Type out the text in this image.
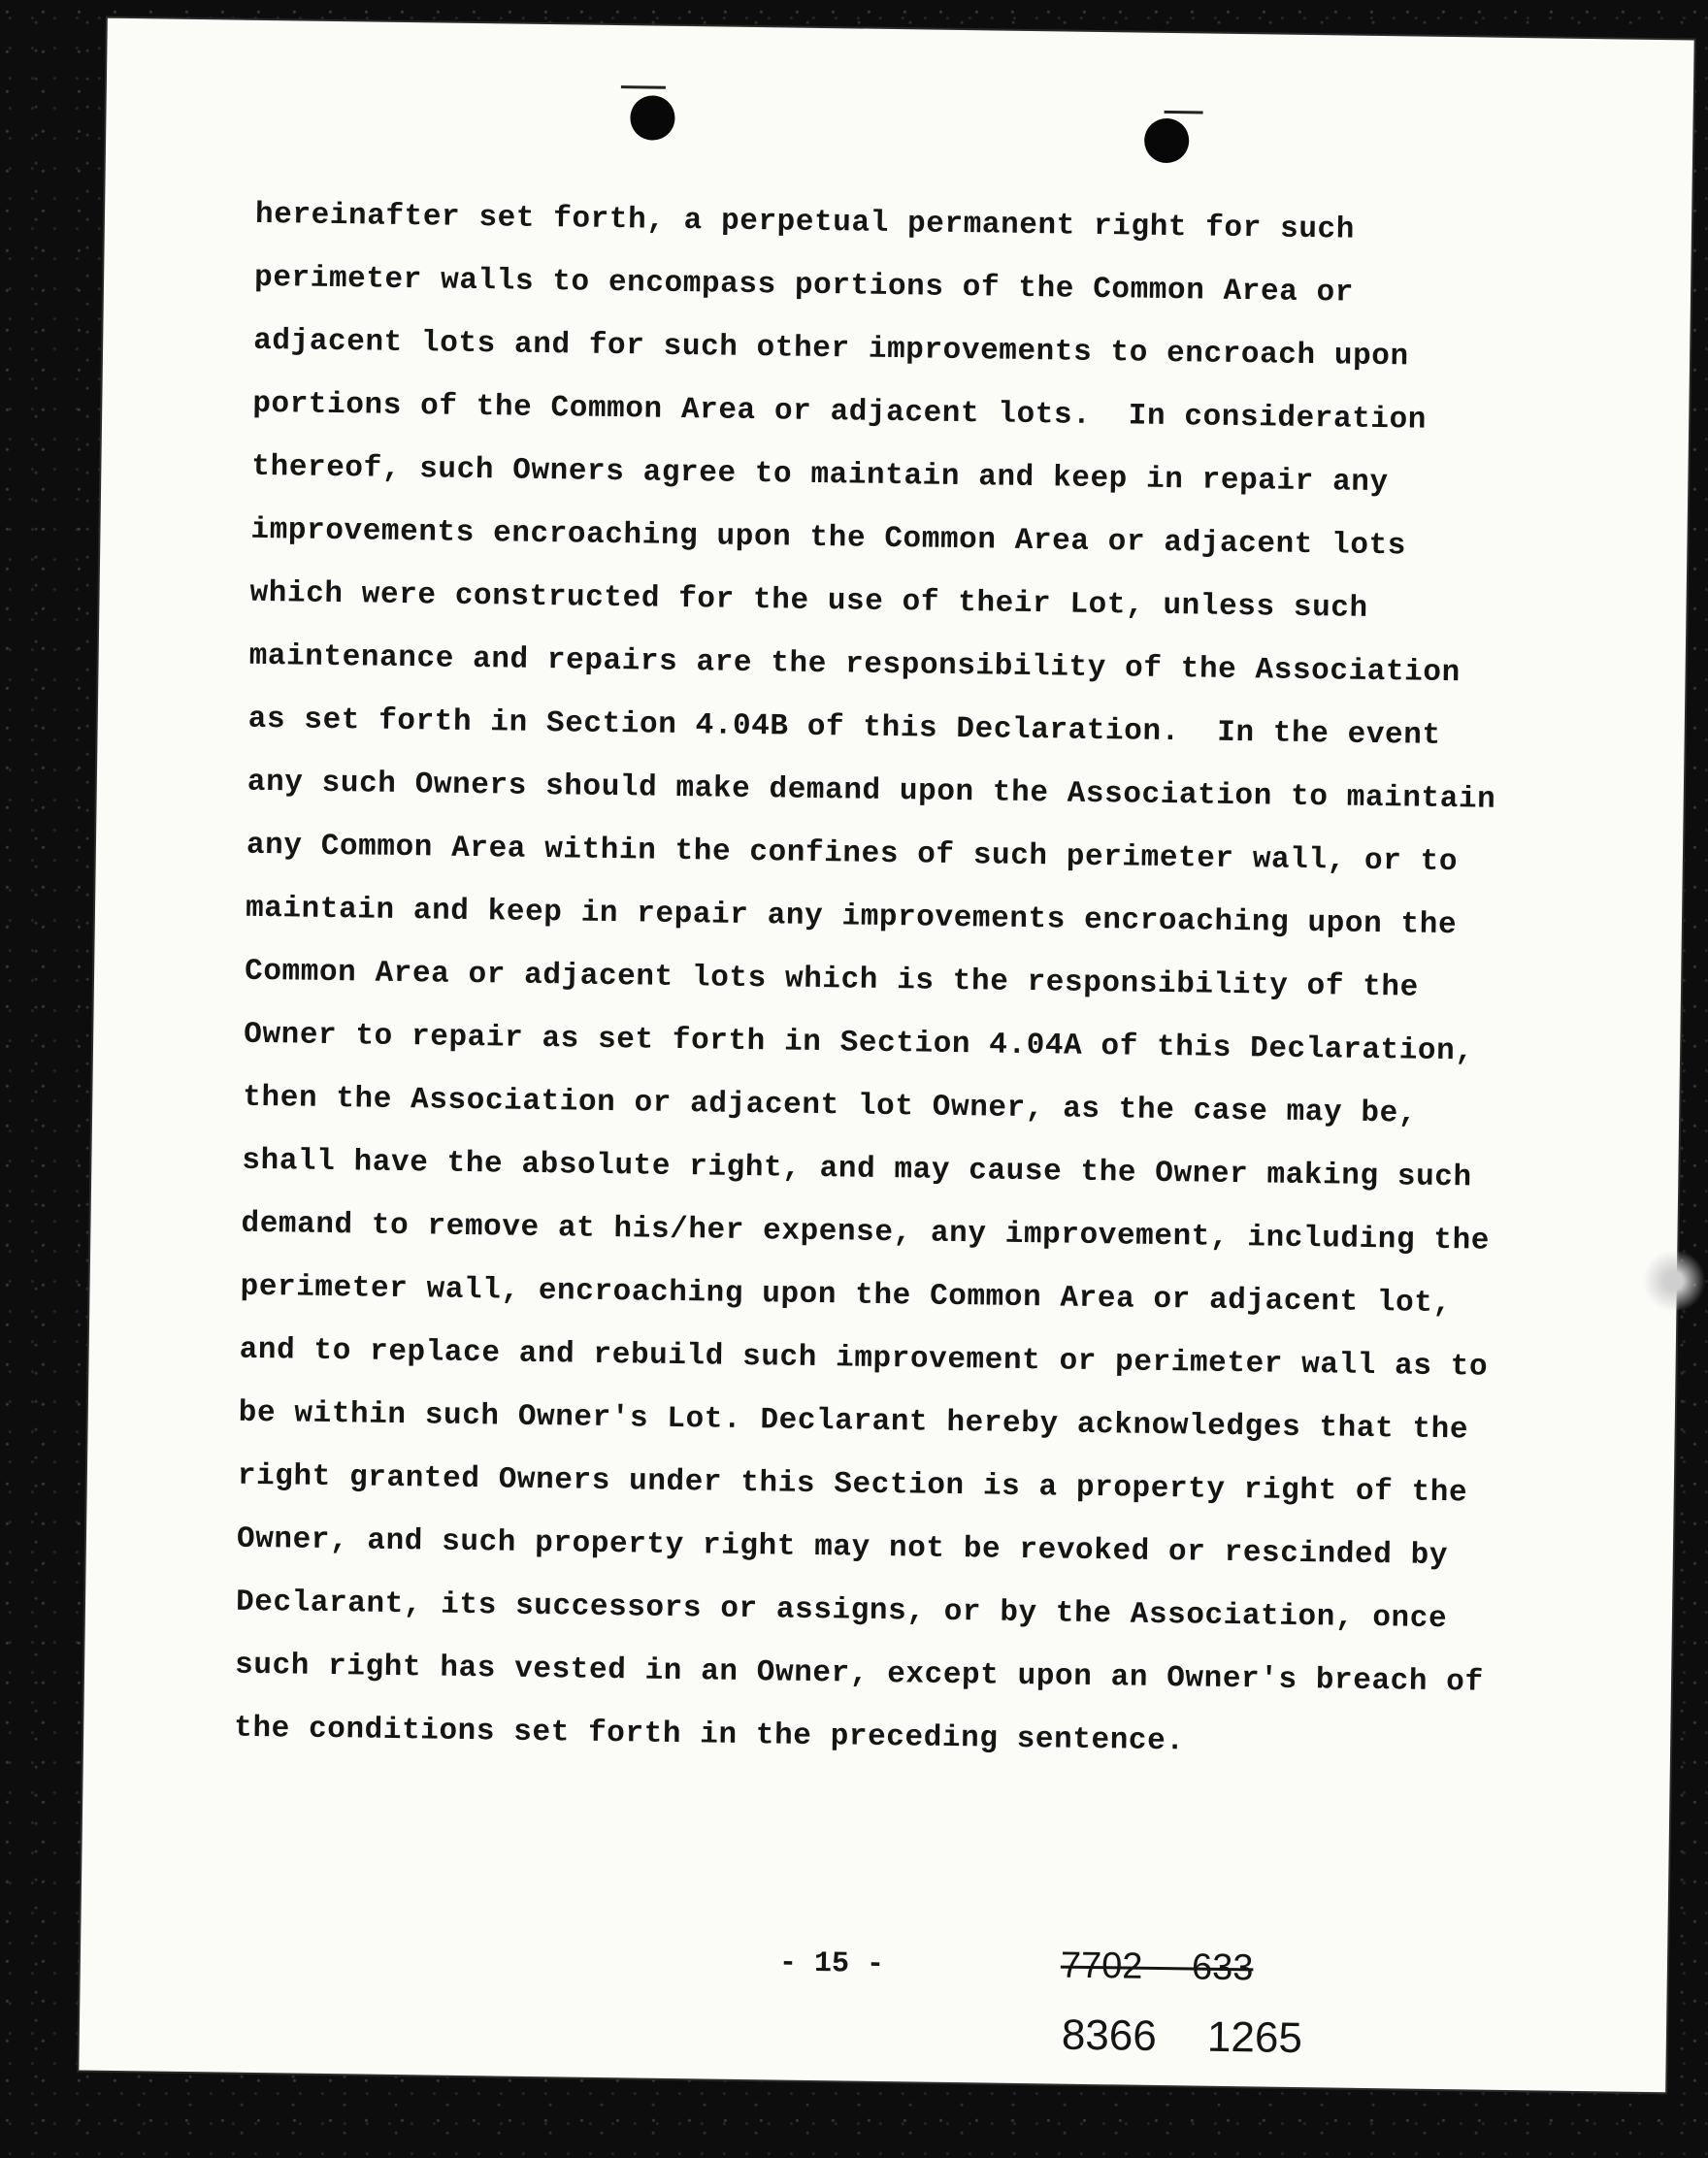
hereinafter set forth, a perpetual permanent right for such
perimeter walls to encompass portions of the Common Area or
adjacent lots and for such other improvements to encroach upon
portions of the Common Area or adjacent lots.  In consideration
thereof, such Owners agree to maintain and keep in repair any
improvements encroaching upon the Common Area or adjacent lots
which were constructed for the use of their Lot, unless such
maintenance and repairs are the responsibility of the Association
as set forth in Section 4.04B of this Declaration.  In the event
any such Owners should make demand upon the Association to maintain
any Common Area within the confines of such perimeter wall, or to
maintain and keep in repair any improvements encroaching upon the
Common Area or adjacent lots which is the responsibility of the
Owner to repair as set forth in Section 4.04A of this Declaration,
then the Association or adjacent lot Owner, as the case may be,
shall have the absolute right, and may cause the Owner making such
demand to remove at his/her expense, any improvement, including the
perimeter wall, encroaching upon the Common Area or adjacent lot,
and to replace and rebuild such improvement or perimeter wall as to
be within such Owner's Lot. Declarant hereby acknowledges that the
right granted Owners under this Section is a property right of the
Owner, and such property right may not be revoked or rescinded by
Declarant, its successors or assigns, or by the Association, once
such right has vested in an Owner, except upon an Owner's breach of
the conditions set forth in the preceding sentence.
- 15 -	7702 633
8366 1265
